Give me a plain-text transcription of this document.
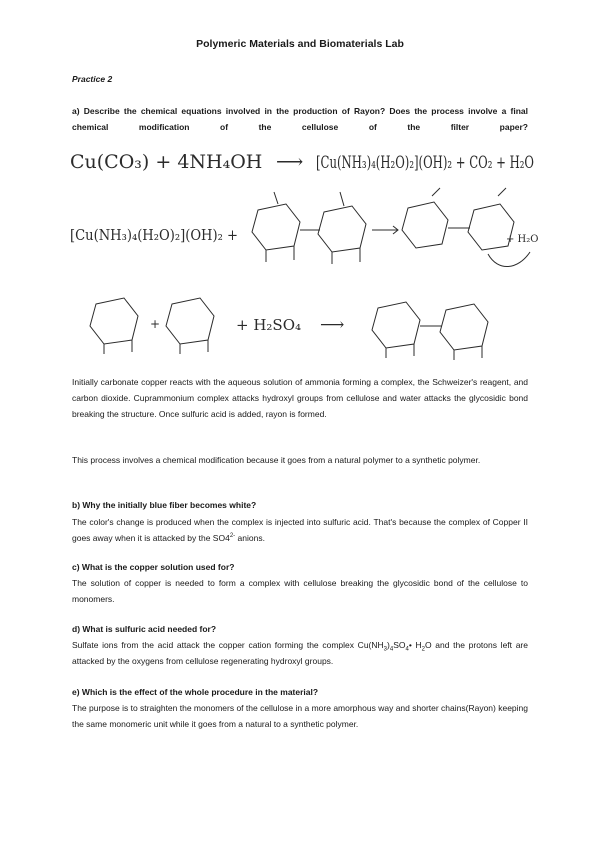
Polymeric Materials and Biomaterials Lab

Practice 2

a) Describe the chemical equations involved in the production of Rayon? Does the process involve a final chemical modification of the cellulose of the filter paper?

Cu(CO₃) + 4NH₄OH ⟶ [Cu(NH₃)₄(H₂O)₂](OH)₂ + CO₂ + H₂O
[Cu(NH₃)₄(H₂O)₂](OH)₂ +	+ H₂O
+	+ H₂SO₄ ⟶

Initially carbonate copper reacts with the aqueous solution of ammonia forming a complex, the Schweizer's reagent, and carbon dioxide. Cuprammonium complex attacks hydroxyl groups from cellulose and water attacks the glycosidic bond breaking the structure. Once sulfuric acid is added, rayon is formed.

This process involves a chemical modification because it goes from a natural polymer to a synthetic polymer.

b) Why the initially blue fiber becomes white?

The color's change is produced when the complex is injected into sulfuric acid. That's because the complex of Copper II goes away when it is attacked by the $SO4^{2-}$ anions.

c) What is the copper solution used for?

The solution of copper is needed to form a complex with cellulose breaking the glycosidic bond of the cellulose to monomers.

d) What is sulfuric acid needed for?

Sulfate ions from the acid attack the copper cation forming the complex $Cu(NH_3)_4SO_4•$ $H_2O$ and the protons left are attacked by the oxygens from cellulose regenerating hydroxyl groups.

e) Which is the effect of the whole procedure in the material?

The purpose is to straighten the monomers of the cellulose in a more amorphous way and shorter chains(Rayon) keeping the same monomeric unit while it goes from a natural to a synthetic polymer.
